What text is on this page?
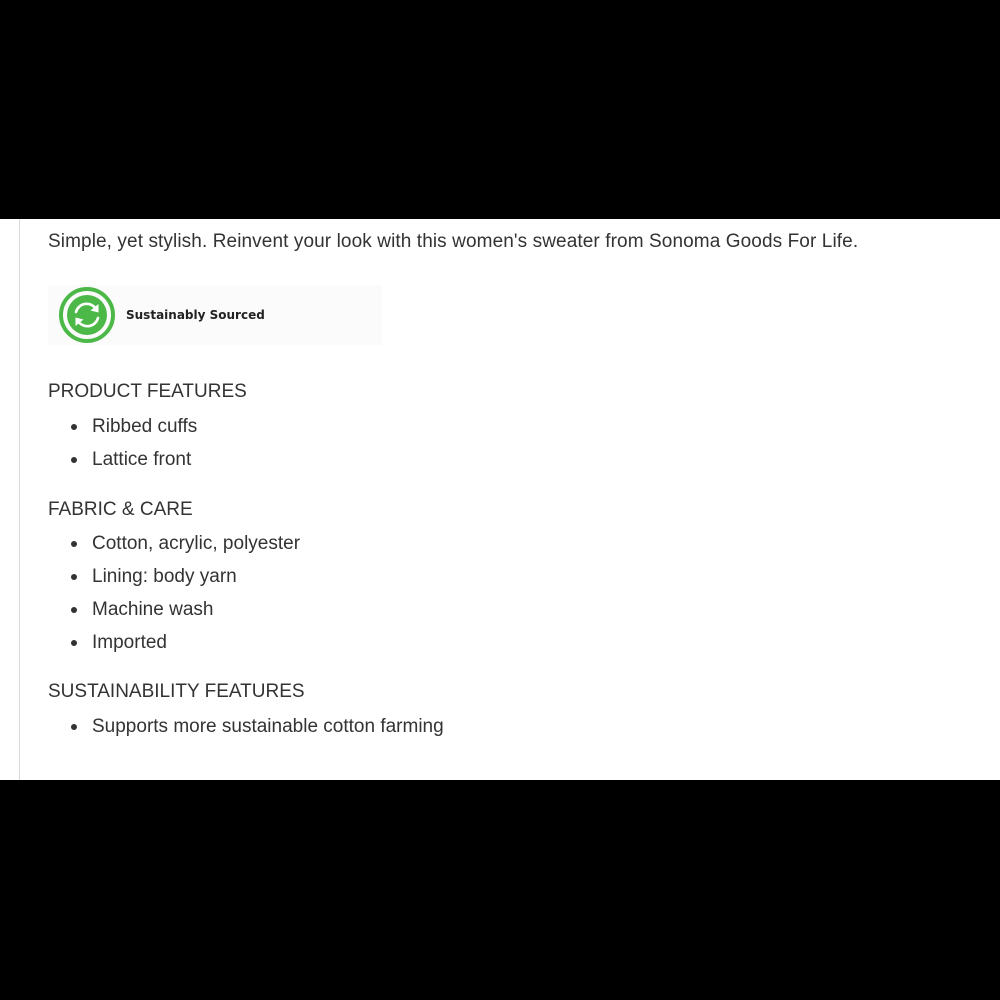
Simple, yet stylish. Reinvent your look with this women's sweater from Sonoma Goods For Life.

Sustainably Sourced
PRODUCT FEATURES
Ribbed cuffs
Lattice front
FABRIC & CARE
Cotton, acrylic, polyester
Lining: body yarn
Machine wash
Imported
SUSTAINABILITY FEATURES
Supports more sustainable cotton farming
